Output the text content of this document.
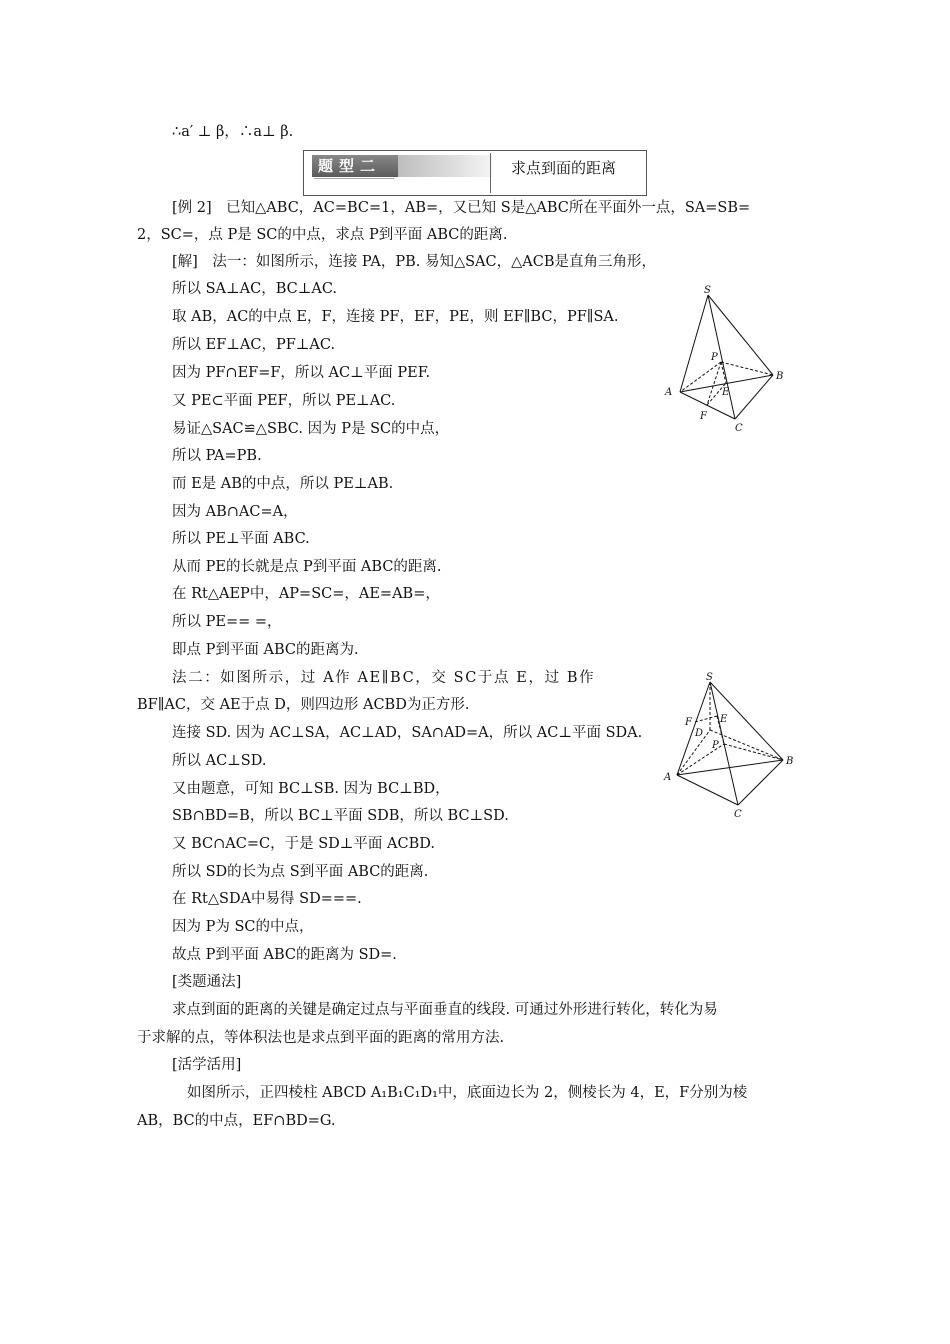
∴a′ ⊥ β，∴a⊥ β.
题型二	求点到面的距离
[例 2]　已知△ABC，AC=BC=1，AB=，又已知 S是△ABC所在平面外一点，SA=SB=
2，SC=，点 P是 SC的中点，求点 P到平面 ABC的距离.
[解]　法一：如图所示，连接 PA，PB. 易知△SAC，△ACB是直角三角形，
所以 SA⊥AC，BC⊥AC.
取 AB，AC的中点 E，F，连接 PF，EF，PE，则 EF∥BC，PF∥SA.
所以 EF⊥AC，PF⊥AC.
因为 PF∩EF=F，所以 AC⊥平面 PEF.
又 PE⊂平面 PEF，所以 PE⊥AC.
易证△SAC≌△SBC. 因为 P是 SC的中点，
所以 PA=PB.
而 E是 AB的中点，所以 PE⊥AB.
因为 AB∩AC=A，
所以 PE⊥平面 ABC.
从而 PE的长就是点 P到平面 ABC的距离.
在 Rt△AEP中，AP=SC=，AE=AB=，
所以 PE== =，
即点 P到平面 ABC的距离为.
法二：如图所示，过 A作 AE∥BC，交 SC于点 E，过 B作
BF∥AC，交 AE于点 D，则四边形 ACBD为正方形.
连接 SD. 因为 AC⊥SA，AC⊥AD，SA∩AD=A，所以 AC⊥平面 SDA.
所以 AC⊥SD.
又由题意，可知 BC⊥SB. 因为 BC⊥BD，
SB∩BD=B，所以 BC⊥平面 SDB，所以 BC⊥SD.
又 BC∩AC=C，于是 SD⊥平面 ACBD.
所以 SD的长为点 S到平面 ABC的距离.
在 Rt△SDA中易得 SD===.
因为 P为 SC的中点，
故点 P到平面 ABC的距离为 SD=.
[类题通法]
求点到面的距离的关键是确定过点与平面垂直的线段. 可通过外形进行转化，转化为易
于求解的点，等体积法也是求点到平面的距离的常用方法.
[活学活用]
如图所示，正四棱柱 ABCD A₁B₁C₁D₁中，底面边长为 2，侧棱长为 4，E，F分别为棱
AB，BC的中点，EF∩BD=G.
S
P
A
B
E
F
C
S
F
D
E
P
A
B
C
